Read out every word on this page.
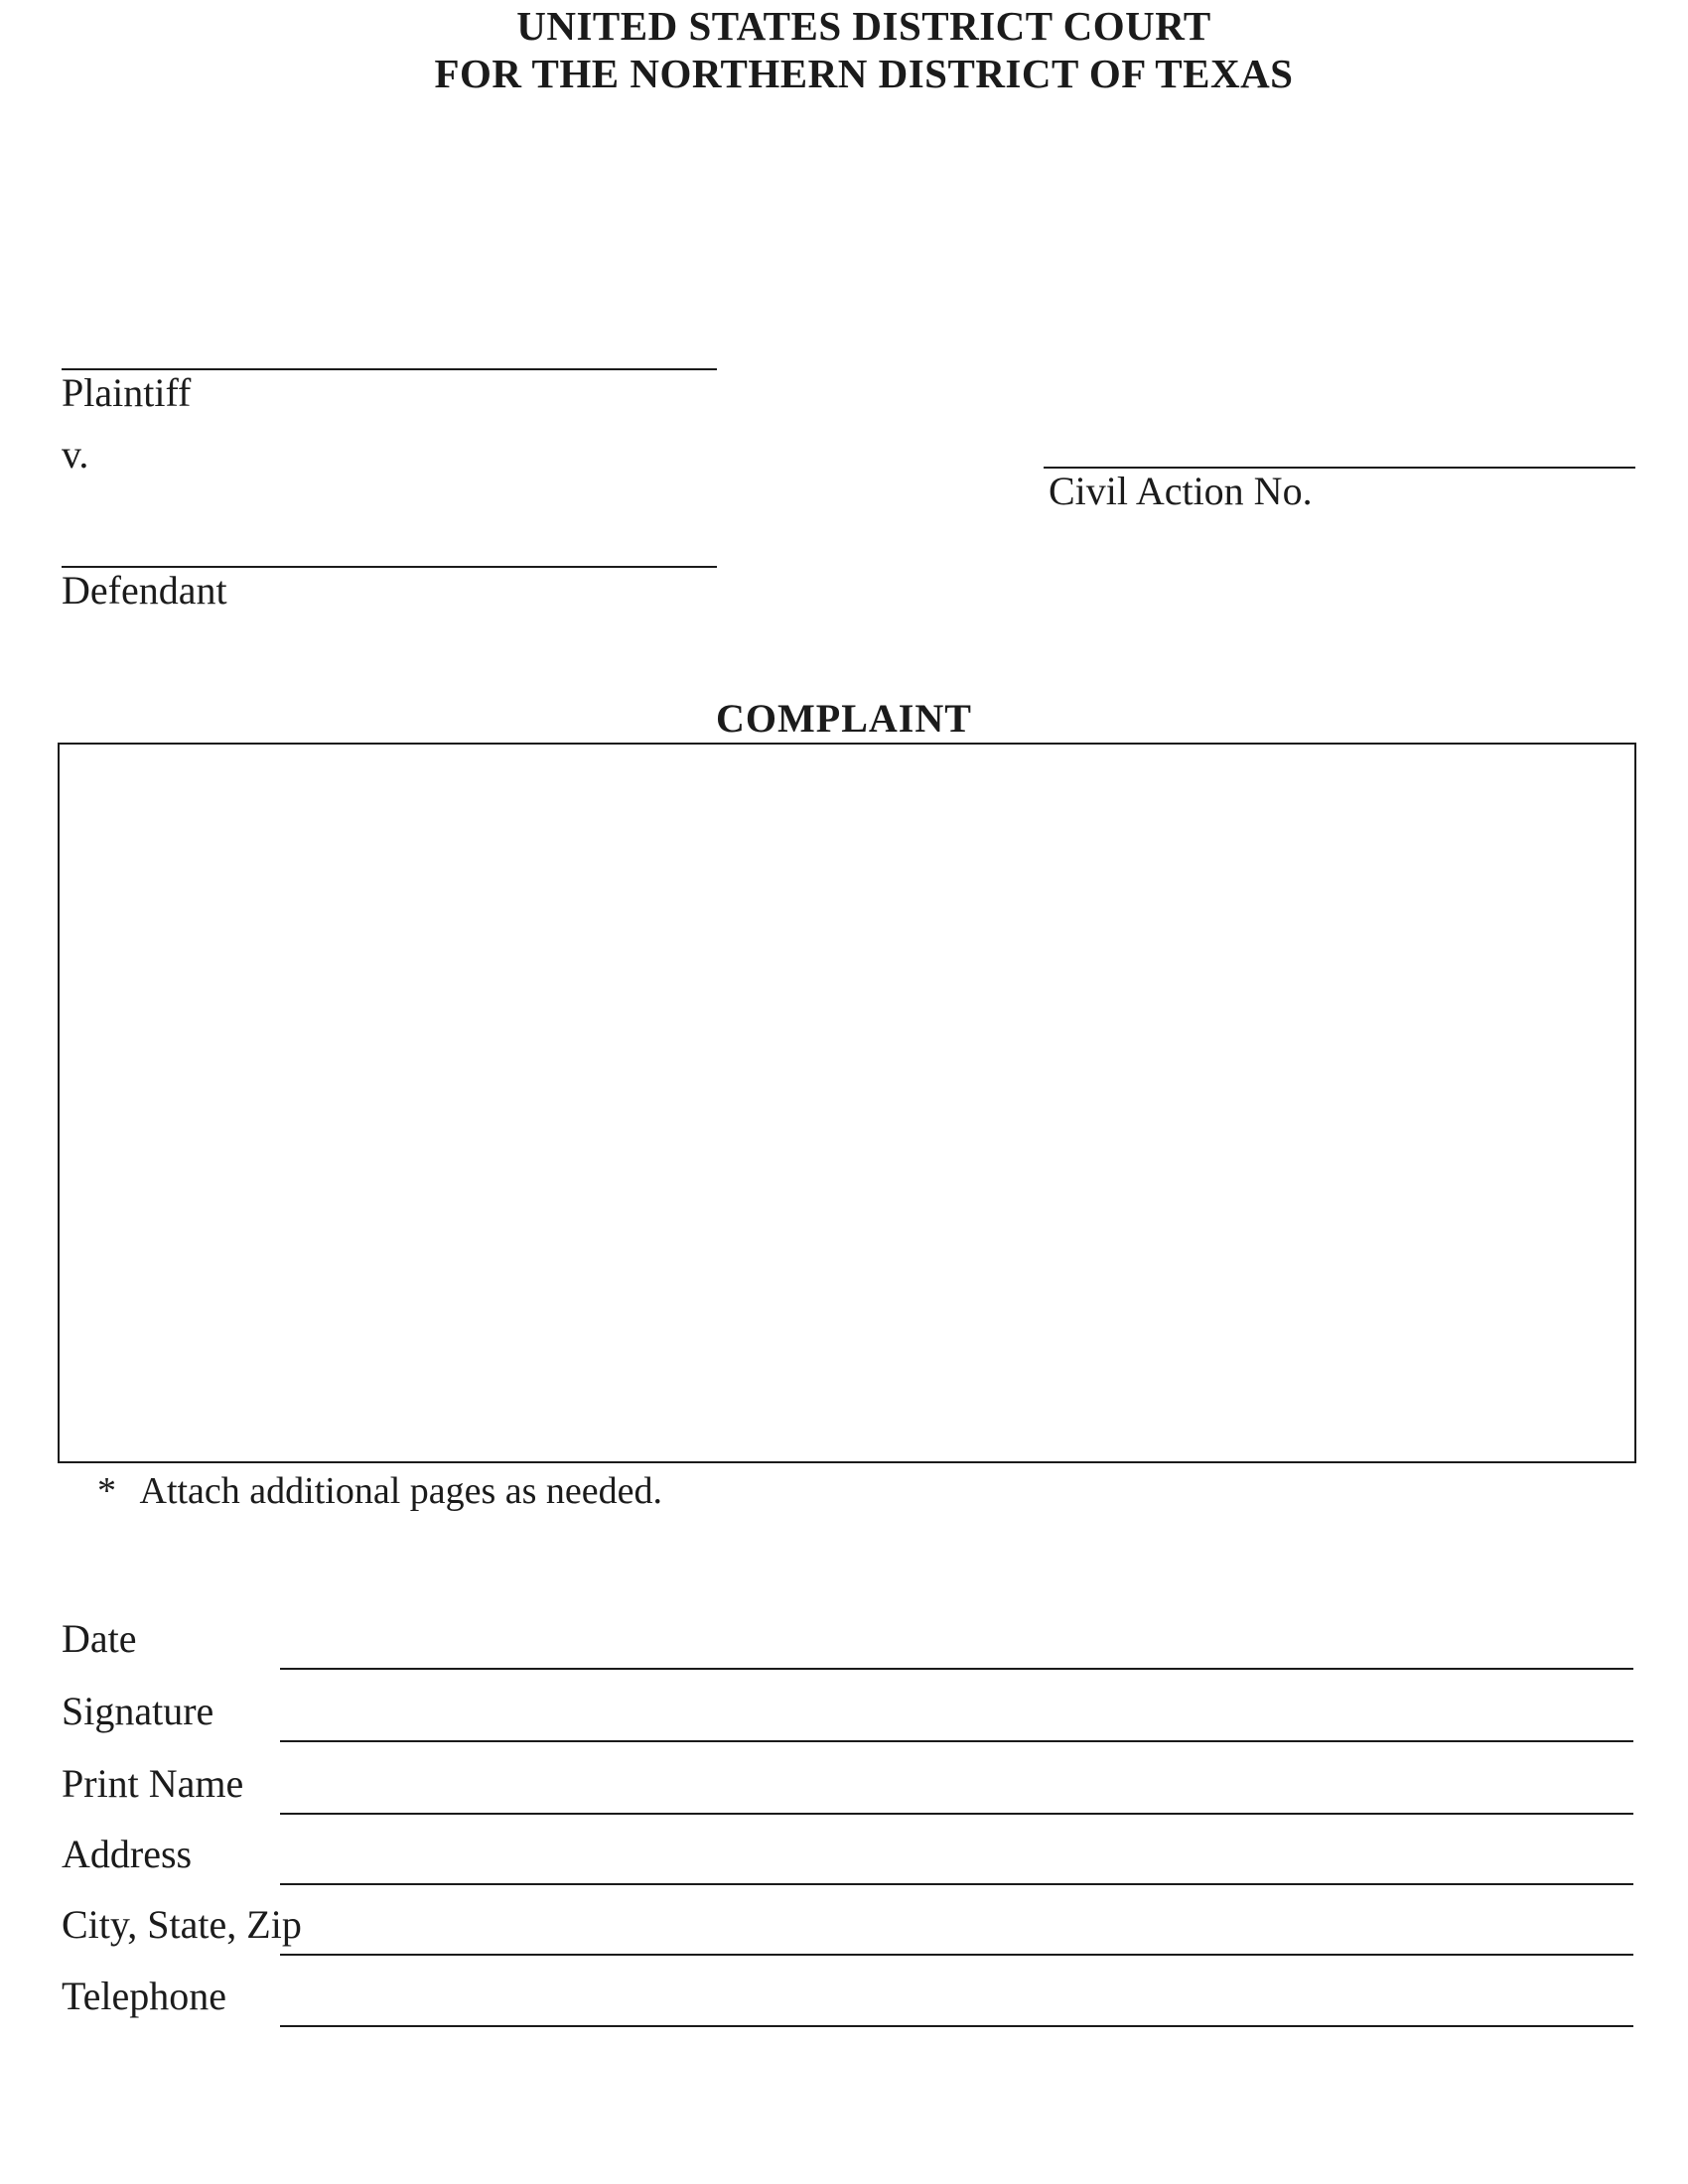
UNITED STATES DISTRICT COURT
FOR THE NORTHERN DISTRICT OF TEXAS
Plaintiff
v.
Civil Action No.
Defendant
COMPLAINT
* Attach additional pages as needed.
Date
Signature
Print Name
Address
City, State, Zip
Telephone
